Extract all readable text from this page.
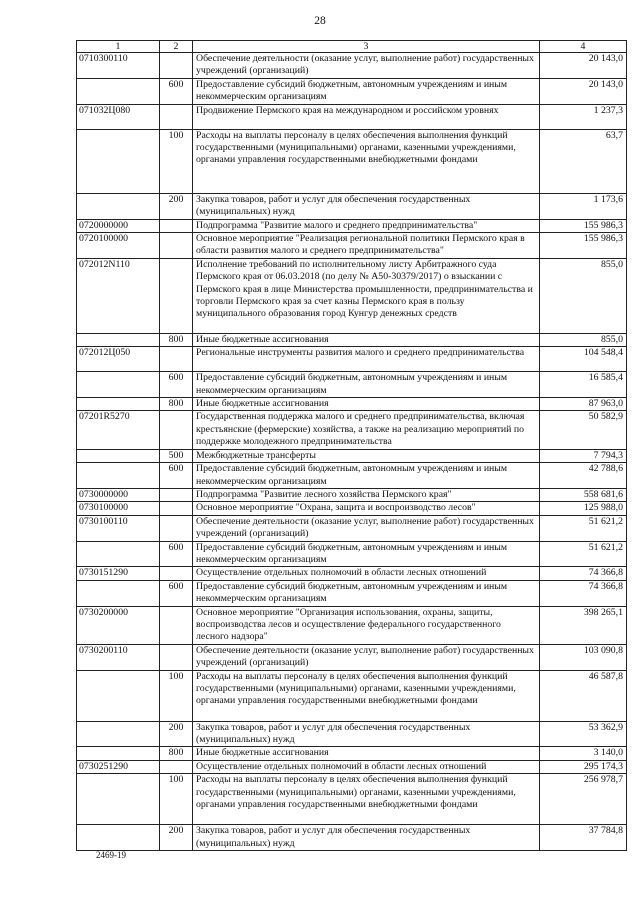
28
1	2	3	4
0710300110		Обеспечение деятельности (оказание услуг, выполнение работ) государственных учреждений (организаций)	20 143,0
	600	Предоставление субсидий бюджетным, автономным учреждениям и иным некоммерческим организациям	20 143,0
071032Ц080		Продвижение Пермского края на международном и российском уровнях	1 237,3
	100	Расходы на выплаты персоналу в целях обеспечения выполнения функций государственными (муниципальными) органами, казенными учреждениями, органами управления государственными внебюджетными фондами	63,7
	200	Закупка товаров, работ и услуг для обеспечения государственных (муниципальных) нужд	1 173,6
0720000000		Подпрограмма "Развитие малого и среднего предпринимательства"	155 986,3
0720100000		Основное мероприятие "Реализация региональной политики Пермского края в области развития малого и среднего предпринимательства"	155 986,3
072012N110		Исполнение требований по исполнительному листу Арбитражного суда Пермского края от 06.03.2018 (по делу № А50-30379/2017) о взыскании с Пермского края в лице Министерства промышленности, предпринимательства и торговли Пермского края за счет казны Пермского края в пользу муниципального образования город Кунгур денежных средств	855,0
	800	Иные бюджетные ассигнования	855,0
072012Ц050		Региональные инструменты развития малого и среднего предпринимательства	104 548,4
	600	Предоставление субсидий бюджетным, автономным учреждениям и иным некоммерческим организациям	16 585,4
	800	Иные бюджетные ассигнования	87 963,0
07201R5270		Государственная поддержка малого и среднего предпринимательства, включая крестьянские (фермерские) хозяйства, а также на реализацию мероприятий по поддержке молодежного предпринимательства	50 582,9
	500	Межбюджетные трансферты	7 794,3
	600	Предоставление субсидий бюджетным, автономным учреждениям и иным некоммерческим организациям	42 788,6
0730000000		Подпрограмма "Развитие лесного хозяйства Пермского края"	558 681,6
0730100000		Основное мероприятие "Охрана, защита и воспроизводство лесов"	125 988,0
0730100110		Обеспечение деятельности (оказание услуг, выполнение работ) государственных учреждений (организаций)	51 621,2
	600	Предоставление субсидий бюджетным, автономным учреждениям и иным некоммерческим организациям	51 621,2
0730151290		Осуществление отдельных полномочий в области лесных отношений	74 366,8
	600	Предоставление субсидий бюджетным, автономным учреждениям и иным некоммерческим организациям	74 366,8
0730200000		Основное мероприятие "Организация использования, охраны, защиты, воспроизводства лесов и осуществление федерального государственного лесного надзора"	398 265,1
0730200110		Обеспечение деятельности (оказание услуг, выполнение работ) государственных учреждений (организаций)	103 090,8
	100	Расходы на выплаты персоналу в целях обеспечения выполнения функций государственными (муниципальными) органами, казенными учреждениями, органами управления государственными внебюджетными фондами	46 587,8
	200	Закупка товаров, работ и услуг для обеспечения государственных (муниципальных) нужд	53 362,9
	800	Иные бюджетные ассигнования	3 140,0
0730251290		Осуществление отдельных полномочий в области лесных отношений	295 174,3
	100	Расходы на выплаты персоналу в целях обеспечения выполнения функций государственными (муниципальными) органами, казенными учреждениями, органами управления государственными внебюджетными фондами	256 978,7
	200	Закупка товаров, работ и услуг для обеспечения государственных (муниципальных) нужд	37 784,8
2469-19
